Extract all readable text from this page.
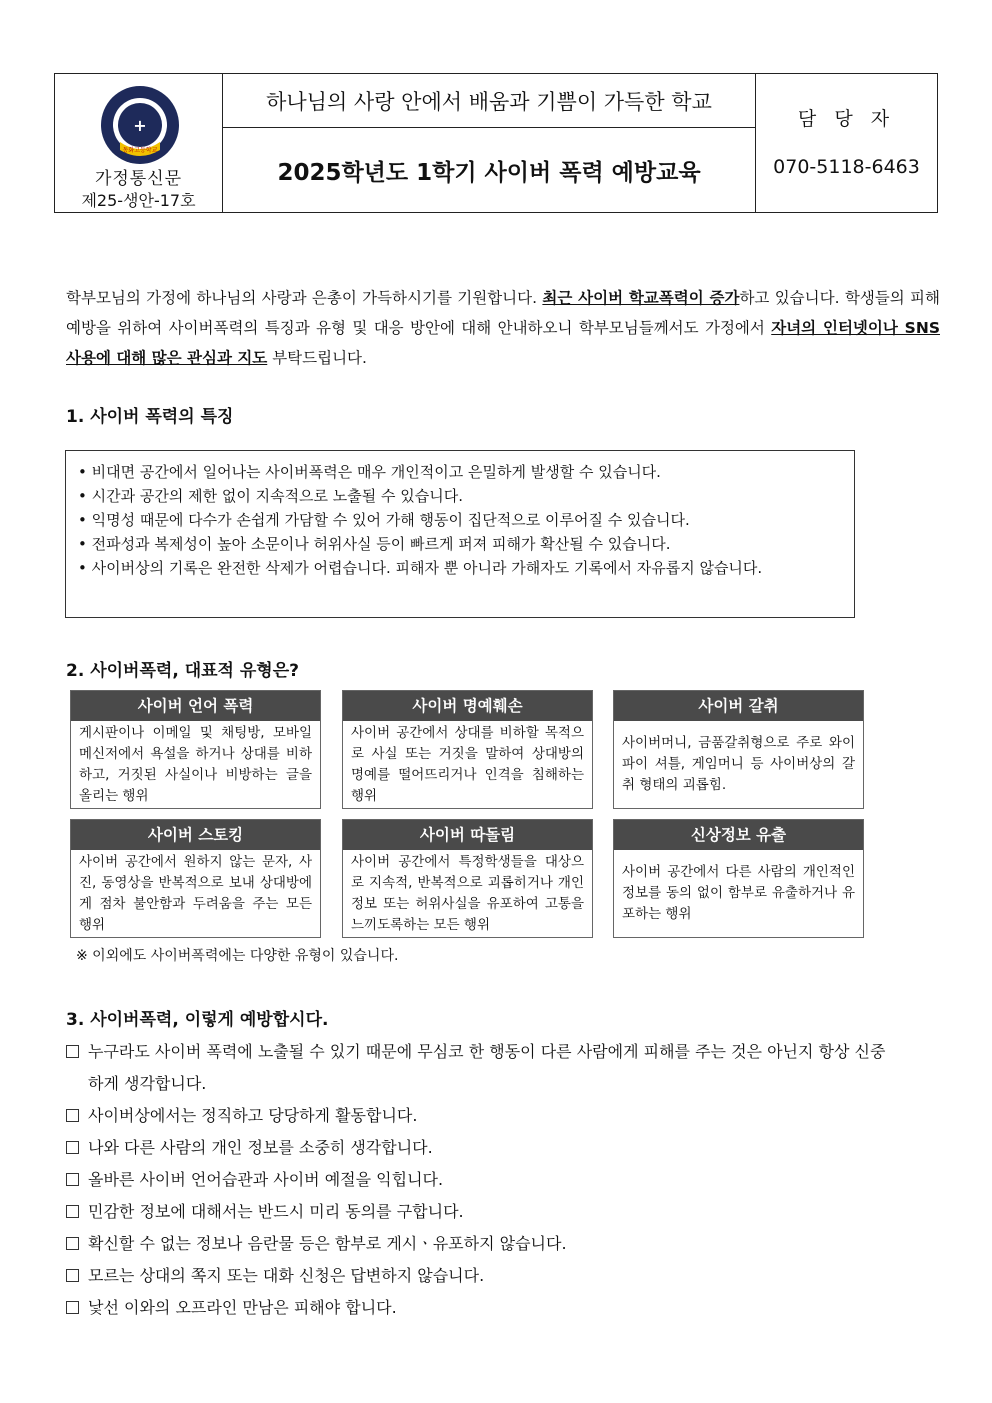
+
동화고등학교
가정통신문
제25-생안-17호
하나님의 사랑 안에서 배움과 기쁨이 가득한 학교
2025학년도 1학기 사이버 폭력 예방교육
담 당 자
070-5118-6463
학부모님의 가정에 하나님의 사랑과 은총이 가득하시기를 기원합니다. 최근 사이버 학교폭력이 증가하고 있습니다. 학생들의 피해 예방을 위하여 사이버폭력의 특징과 유형 및 대응 방안에 대해 안내하오니 학부모님들께서도 가정에서 자녀의 인터넷이나 SNS 사용에 대해 많은 관심과 지도 부탁드립니다.
1. 사이버 폭력의 특징
• 비대면 공간에서 일어나는 사이버폭력은 매우 개인적이고 은밀하게 발생할 수 있습니다.
• 시간과 공간의 제한 없이 지속적으로 노출될 수 있습니다.
• 익명성 때문에 다수가 손쉽게 가담할 수 있어 가해 행동이 집단적으로 이루어질 수 있습니다.
• 전파성과 복제성이 높아 소문이나 허위사실 등이 빠르게 퍼져 피해가 확산될 수 있습니다.
• 사이버상의 기록은 완전한 삭제가 어렵습니다. 피해자 뿐 아니라 가해자도 기록에서 자유롭지 않습니다.
2. 사이버폭력, 대표적 유형은?
사이버 언어 폭력
게시판이나 이메일 및 채팅방, 모바일 메신저에서 욕설을 하거나 상대를 비하하고, 거짓된 사실이나 비방하는 글을 올리는 행위
사이버 명예훼손
사이버 공간에서 상대를 비하할 목적으로 사실 또는 거짓을 말하여 상대방의 명예를 떨어뜨리거나 인격을 침해하는 행위
사이버 갈취
사이버머니, 금품갈취형으로 주로 와이파이 셔틀, 게임머니 등 사이버상의 갈취 형태의 괴롭힘.
사이버 스토킹
사이버 공간에서 원하지 않는 문자, 사진, 동영상을 반복적으로 보내 상대방에게 점차 불안함과 두려움을 주는 모든 행위
사이버 따돌림
사이버 공간에서 특정학생들을 대상으로 지속적, 반복적으로 괴롭히거나 개인 정보 또는 허위사실을 유포하여 고통을 느끼도록하는 모든 행위
신상정보 유출
사이버 공간에서 다른 사람의 개인적인 정보를 동의 없이 함부로 유출하거나 유포하는 행위
※ 이외에도 사이버폭력에는 다양한 유형이 있습니다.
3. 사이버폭력, 이렇게 예방합시다.
누구라도 사이버 폭력에 노출될 수 있기 때문에 무심코 한 행동이 다른 사람에게 피해를 주는 것은 아닌지 항상 신중하게 생각합니다.
사이버상에서는 정직하고 당당하게 활동합니다.
나와 다른 사람의 개인 정보를 소중히 생각합니다.
올바른 사이버 언어습관과 사이버 예절을 익힙니다.
민감한 정보에 대해서는 반드시 미리 동의를 구합니다.
확신할 수 없는 정보나 음란물 등은 함부로 게시ㆍ유포하지 않습니다.
모르는 상대의 쪽지 또는 대화 신청은 답변하지 않습니다.
낯선 이와의 오프라인 만남은 피해야 합니다.
